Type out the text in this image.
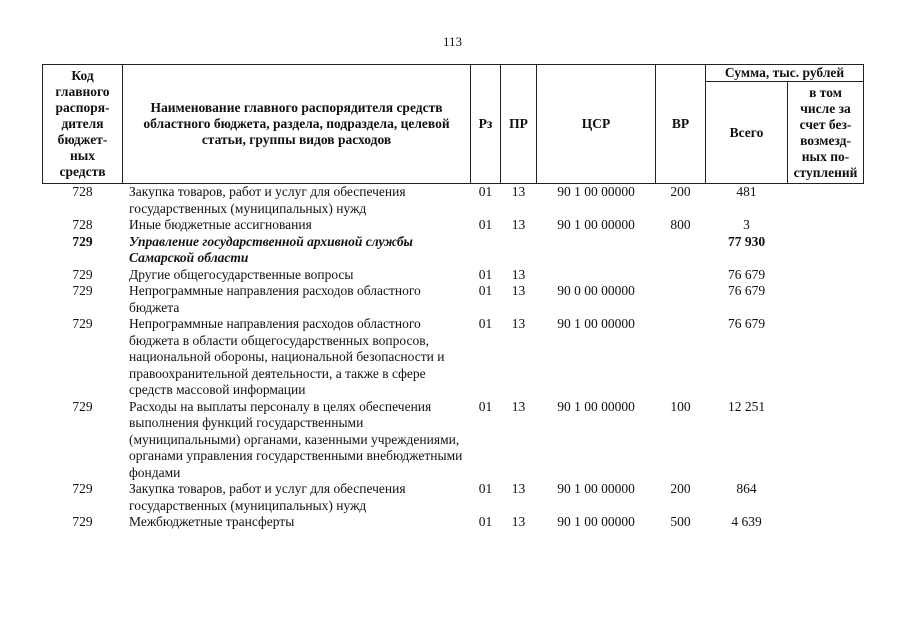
113
Код главного распоря-дителя бюджет-ных средств	Наименование главного распорядителя средств областного бюджета, раздела, подраздела, целевой статьи, группы видов расходов	Рз	ПР	ЦСР	ВР	Сумма, тыс. рублей	
						Всего	в том числе за счет без-возмезд-ных по-ступлений
728	Закупка товаров, работ и услуг для обеспечения государственных (муниципальных) нужд	01	13	90 1 00 00000	200	481	
728	Иные бюджетные ассигнования	01	13	90 1 00 00000	800	3	
729	Управление государственной архивной службы Самарской области					77 930	
729	Другие общегосударственные вопросы	01	13			76 679	
729	Непрограммные направления расходов областного бюджета	01	13	90 0 00 00000		76 679	
729	Непрограммные направления расходов областного бюджета в области общегосударственных вопросов, национальной обороны, национальной безопасности и правоохранительной деятельности, а также в сфере средств массовой информации	01	13	90 1 00 00000		76 679	
729	Расходы на выплаты персоналу в целях обеспечения выполнения функций государственными (муниципальными) органами, казенными учреждениями, органами управления государственными внебюджетными фондами	01	13	90 1 00 00000	100	12 251	
729	Закупка товаров, работ и услуг для обеспечения государственных (муниципальных) нужд	01	13	90 1 00 00000	200	864	
729	Межбюджетные трансферты	01	13	90 1 00 00000	500	4 639	
